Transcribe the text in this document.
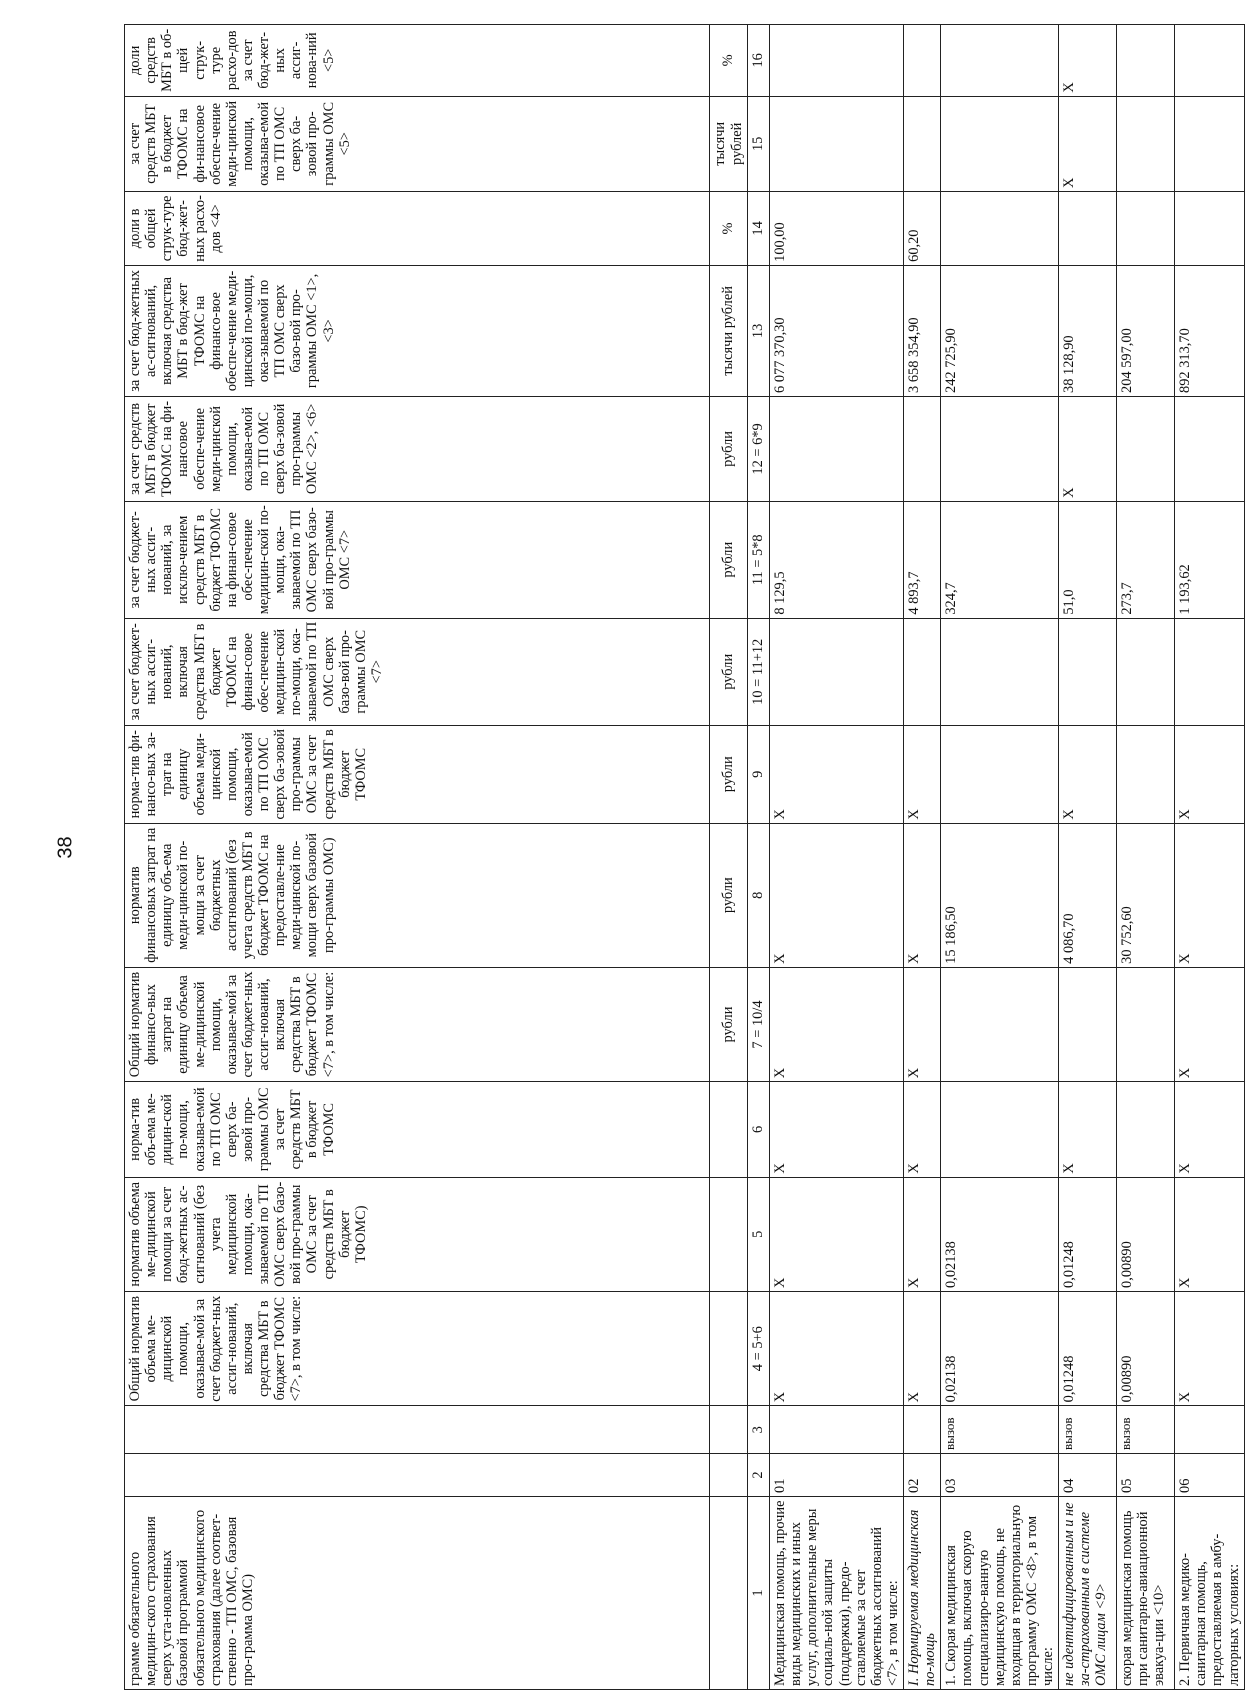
38
грамме обязательного медицин-ского страхования сверх уста-новленных базовой программой обязательного медицинского страхования (далее соответ-ственно - ТП ОМС, базовая про-грамма ОМС)			Общий норматив объема ме-дицинской помощи, оказывае-мой за счет бюджет-ных ассиг-нований, включая средства МБТ в бюджет ТФОМС <7>, в том числе:	норматив объема ме-дицинской помощи за счет бюд-жетных ас-сигнований (без учета медицинской помощи, ока-зываемой по ТП ОМС сверх базо-вой про-граммы ОМС за счет средств МБТ в бюджет ТФОМС)	норма-тив объ-ема ме-дицин-ской по-мощи, оказыва-емой по ТП ОМС сверх ба-зовой про-граммы ОМС за счет средств МБТ в бюджет ТФОМС	Общий норматив финансо-вых затрат на единицу объема ме-дицинской помощи, оказывае-мой за счет бюджет-ных ассиг-нований, включая средства МБТ в бюджет ТФОМС <7>, в том числе:	норматив финансовых затрат на единицу объ-ема меди-цинской по-мощи за счет бюджетных ассигнований (без учета средств МБТ в бюджет ТФОМС на предоставле-ние меди-цинской по-мощи сверх базовой про-граммы ОМС)	норма-тив фи-нансо-вых за-трат на единицу объема меди-цинской помощи, оказыва-емой по ТП ОМС сверх ба-зовой про-граммы ОМС за счет средств МБТ в бюджет ТФОМС	за счет бюджет-ных ассиг-нований, включая средства МБТ в бюджет ТФОМС на финан-совое обес-печение медицин-ской по-мощи, ока-зываемой по ТП ОМС сверх базо-вой про-граммы ОМС <7>	за счет бюджет-ных ассиг-нований, за исклю-чением средств МБТ в бюджет ТФОМС на финан-совое обес-печение медицин-ской по-мощи, ока-зываемой по ТП ОМС сверх базо-вой про-граммы ОМС <7>	за счет средств МБТ в бюджет ТФОМС на фи-нансовое обеспе-чение меди-цинской помощи, оказыва-емой по ТП ОМС сверх ба-зовой про-граммы ОМС <2>, <6>	за счет бюд-жетных ас-сигнований, включая средства МБТ в бюд-жет ТФОМС на финансо-вое обеспе-чение меди-цинской по-мощи, ока-зываемой по ТП ОМС сверх базо-вой про-граммы ОМС <1>, <3>	доли в общей струк-туре бюд-жет-ных расхо-дов <4>	за счет средств МБТ в бюджет ТФОМС на фи-нансовое обеспе-чение меди-цинской помощи, оказыва-емой по ТП ОМС сверх ба-зовой про-граммы ОМС <5>	доли средств МБТ в об-щей струк-туре расхо-дов за счет бюд-жет-ных ассиг-нова-ний <5>
						рубли	рубли	рубли	рубли	рубли	рубли	тысячи рублей	%	тысячи рублей	%
1	2	3	4 = 5+6	5	6	7 = 10/4	8	9	10 = 11+12	11 = 5*8	12 = 6*9	13	14	15	16
Медицинская помощь, прочие виды медицинских и иных услуг, дополнительные меры социаль-ной защиты (поддержки), предо-ставляемые за счет бюджетных ассигнований <7>, в том числе:	01		X	X	X	X	X	X		8 129,5		6 077 370,30	100,00		
I. Нормируемая медицинская по-мощь	02		X	X	X	X	X	X		4 893,7		3 658 354,90	60,20		
1. Скорая медицинская помощь, включая скорую специализиро-ванную медицинскую помощь, не входящая в территориальную программу ОМС <8>, в том числе:	03	вызов	0,02138	0,02138			15 186,50			324,7		242 725,90			
не идентифицированным и не за-страхованным в системе ОМС лицам <9>	04	вызов	0,01248	0,01248	X		4 086,70	X		51,0	X	38 128,90		X	X
скорая медицинская помощь при санитарно-авиационной эвакуа-ции <10>	05	вызов	0,00890	0,00890			30 752,60			273,7		204 597,00			
2. Первичная медико-санитарная помощь, предоставляемая в амбу-латорных условиях:	06		X	X	X	X	X	X		1 193,62		892 313,70			
